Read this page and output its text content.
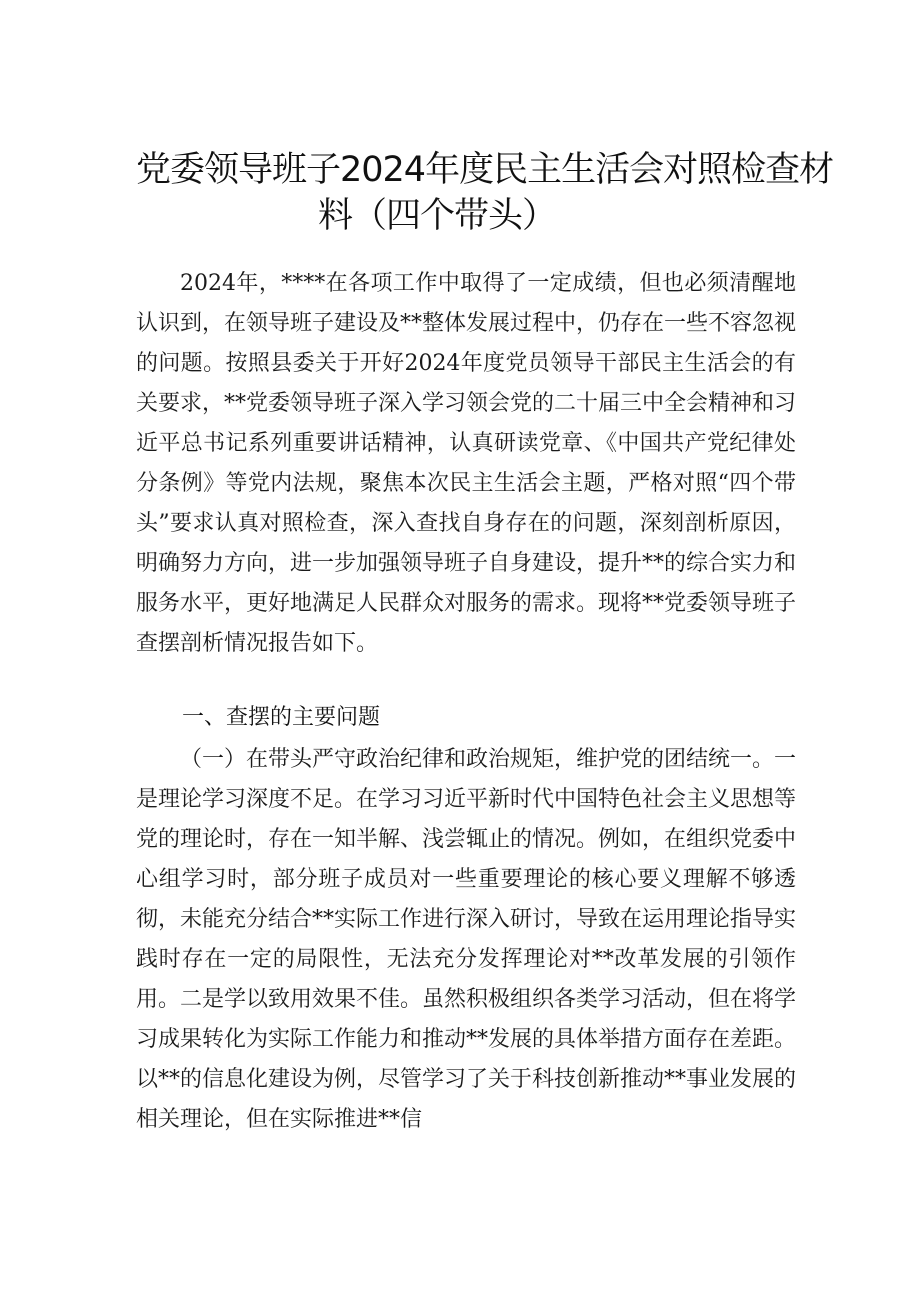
党委领导班子2024年度民主生活会对照检查材
料（四个带头）

2024年，****在各项工作中取得了一定成绩，但也必须清醒地认识到，在领导班子建设及**整体发展过程中，仍存在一些不容忽视的问题。按照县委关于开好2024年度党员领导干部民主生活会的有关要求，**党委领导班子深入学习领会党的二十届三中全会精神和习近平总书记系列重要讲话精神，认真研读党章、《中国共产党纪律处分条例》等党内法规，聚焦本次民主生活会主题，严格对照“四个带头”要求认真对照检查，深入查找自身存在的问题，深刻剖析原因，明确努力方向，进一步加强领导班子自身建设，提升**的综合实力和服务水平，更好地满足人民群众对服务的需求。现将**党委领导班子查摆剖析情况报告如下。

一、查摆的主要问题

（一）在带头严守政治纪律和政治规矩，维护党的团结统一。一是理论学习深度不足。在学习习近平新时代中国特色社会主义思想等党的理论时，存在一知半解、浅尝辄止的情况。例如，在组织党委中心组学习时，部分班子成员对一些重要理论的核心要义理解不够透彻，未能充分结合**实际工作进行深入研讨，导致在运用理论指导实践时存在一定的局限性，无法充分发挥理论对**改革发展的引领作用。二是学以致用效果不佳。虽然积极组织各类学习活动，但在将学习成果转化为实际工作能力和推动**发展的具体举措方面存在差距。以**的信息化建设为例，尽管学习了关于科技创新推动**事业发展的相关理论，但在实际推进**信
